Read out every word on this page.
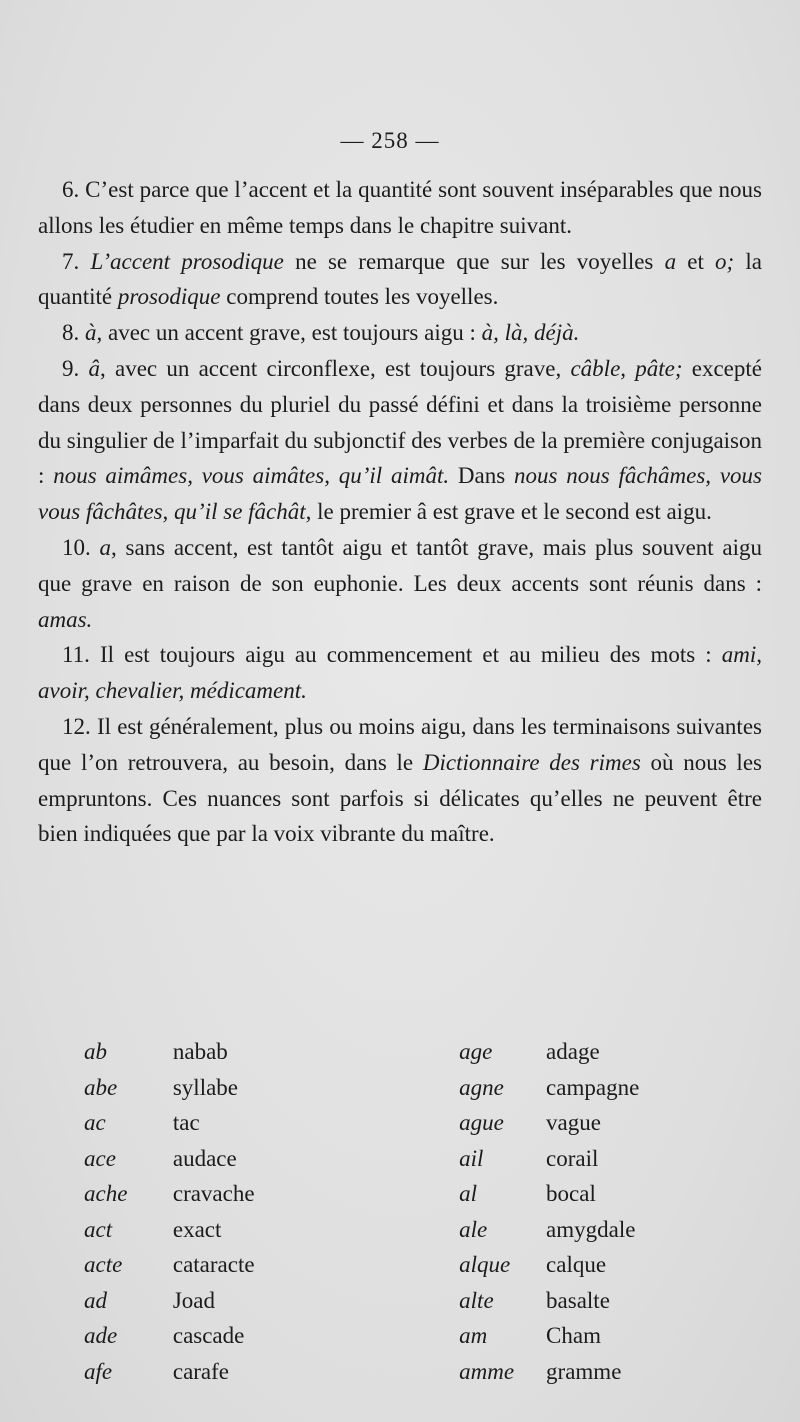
— 258 —

6. C’est parce que l’accent et la quantité sont souvent inséparables que nous allons les étudier en même temps dans le chapitre suivant.

7. L’accent prosodique ne se remarque que sur les voyelles a et o; la quantité prosodique comprend toutes les voyelles.

8. à, avec un accent grave, est toujours aigu : à, là, déjà.

9. â, avec un accent circonflexe, est toujours grave, câble, pâte; excepté dans deux personnes du pluriel du passé défini et dans la troisième personne du singulier de l’imparfait du subjonctif des verbes de la première conjugaison : nous aimâmes, vous aimâtes, qu’il aimât. Dans nous nous fâchâmes, vous vous fâchâtes, qu’il se fâchât, le premier â est grave et le second est aigu.

10. a, sans accent, est tantôt aigu et tantôt grave, mais plus souvent aigu que grave en raison de son euphonie. Les deux accents sont réunis dans : amas.

11. Il est toujours aigu au commencement et au milieu des mots : ami, avoir, chevalier, médicament.

12. Il est généralement, plus ou moins aigu, dans les terminaisons suivantes que l’on retrouvera, au besoin, dans le Dictionnaire des rimes où nous les empruntons. Ces nuances sont parfois si délicates qu’elles ne peuvent être bien indiquées que par la voix vibrante du maître.

ab	nabab	age	adage
abe	syllabe	agne	campagne
ac	tac	ague	vague
ace	audace	ail	corail
ache	cravache	al	bocal
act	exact	ale	amygdale
acte	cataracte	alque	calque
ad	Joad	alte	basalte
ade	cascade	am	Cham
afe	carafe	amme	gramme
